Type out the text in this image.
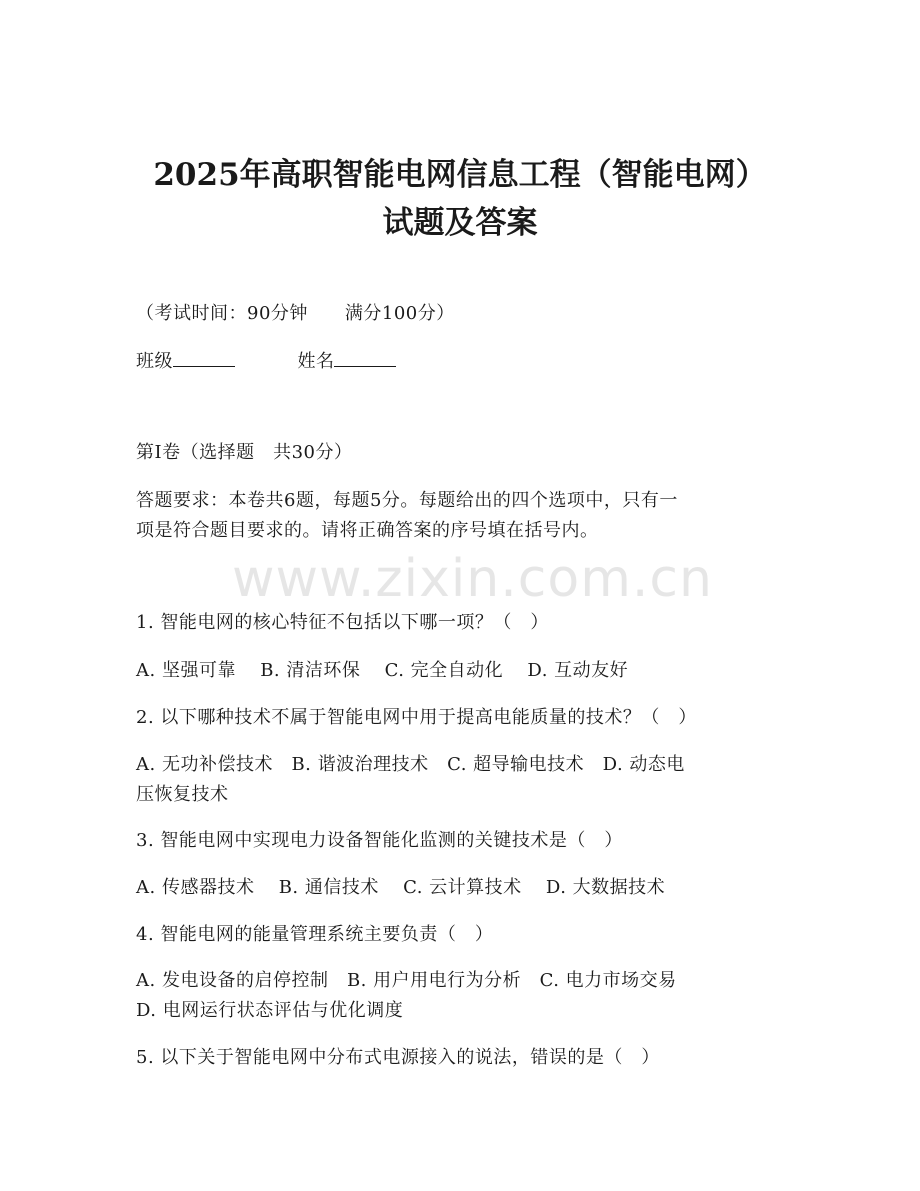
2025年高职智能电网信息工程（智能电网）
试题及答案
（考试时间：90分钟　　满分100分）
班级	姓名
第Ⅰ卷（选择题　共30分）
答题要求：本卷共6题，每题5分。每题给出的四个选项中，只有一
项是符合题目要求的。请将正确答案的序号填在括号内。
www.zixin.com.cn
1. 智能电网的核心特征不包括以下哪一项？（　）
A. 坚强可靠 B. 清洁环保 C. 完全自动化 D. 互动友好
2. 以下哪种技术不属于智能电网中用于提高电能质量的技术？（　）
A. 无功补偿技术　B. 谐波治理技术　C. 超导输电技术　D. 动态电
压恢复技术
3. 智能电网中实现电力设备智能化监测的关键技术是（　）
A. 传感器技术 B. 通信技术 C. 云计算技术 D. 大数据技术
4. 智能电网的能量管理系统主要负责（　）
A. 发电设备的启停控制　B. 用户用电行为分析　C. 电力市场交易
D. 电网运行状态评估与优化调度
5. 以下关于智能电网中分布式电源接入的说法，错误的是（　）
